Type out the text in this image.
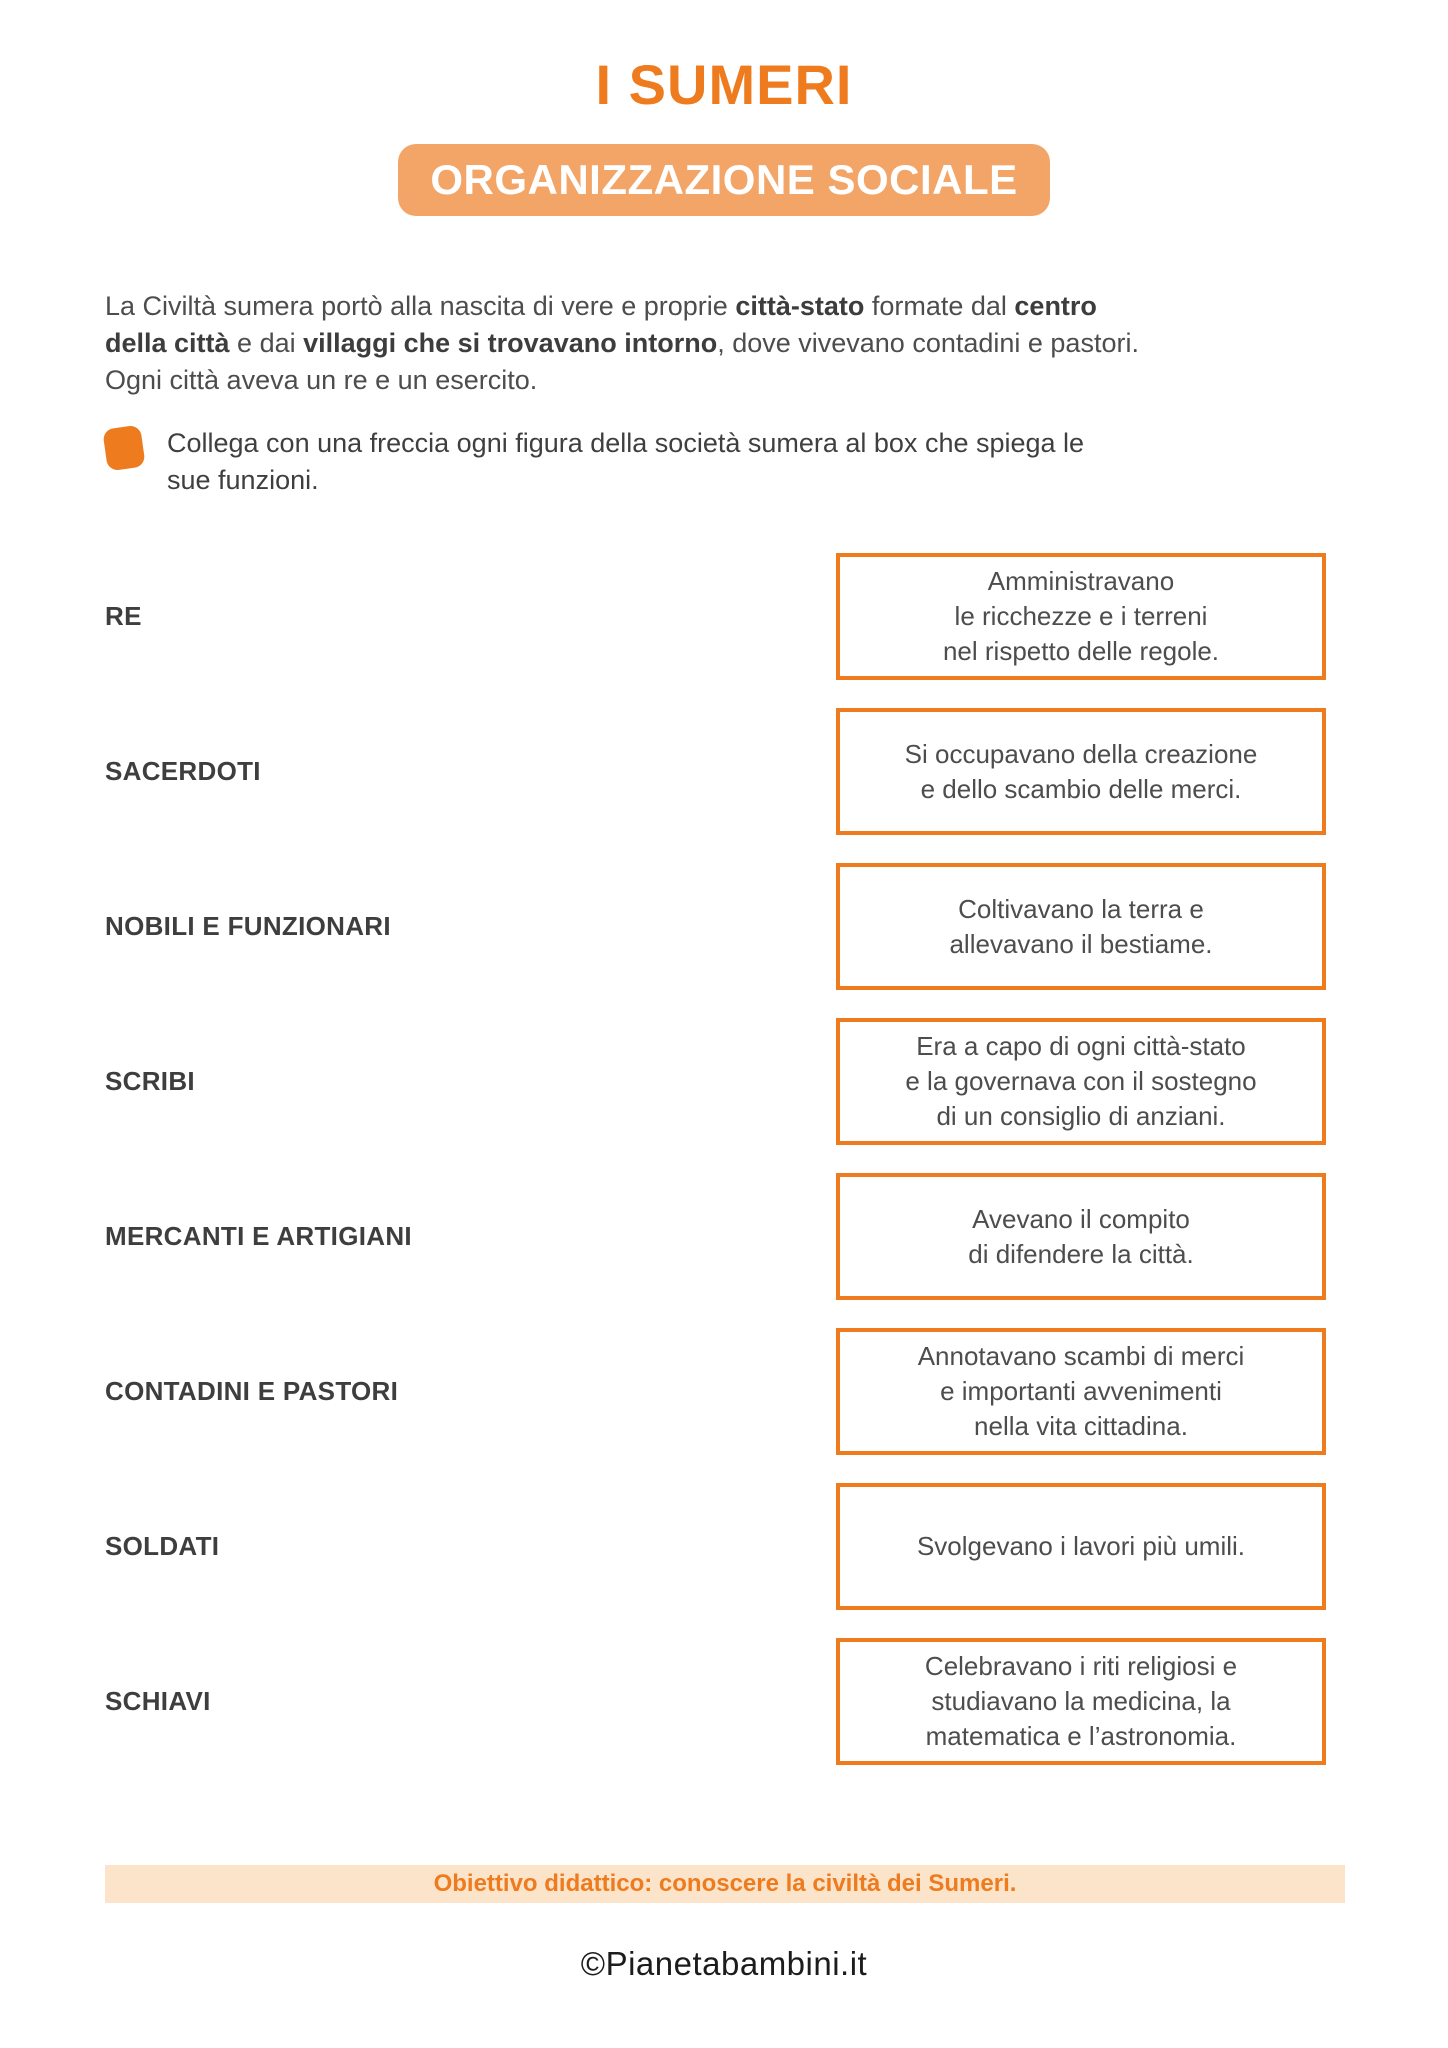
I SUMERI
ORGANIZZAZIONE SOCIALE
La Civiltà sumera portò alla nascita di vere e proprie città-stato formate dal centro
della città e dai villaggi che si trovavano intorno, dove vivevano contadini e pastori.
Ogni città aveva un re e un esercito.
Collega con una freccia ogni figura della società sumera al box che spiega le
sue funzioni.
RE
Amministravano
le ricchezze e i terreni
nel rispetto delle regole.
SACERDOTI
Si occupavano della creazione
e dello scambio delle merci.
NOBILI E FUNZIONARI
Coltivavano la terra e
allevavano il bestiame.
SCRIBI
Era a capo di ogni città-stato
e la governava con il sostegno
di un consiglio di anziani.
MERCANTI E ARTIGIANI
Avevano il compito
di difendere la città.
CONTADINI E PASTORI
Annotavano scambi di merci
e importanti avvenimenti
nella vita cittadina.
SOLDATI	Svolgevano i lavori più umili.
SCHIAVI
Celebravano i riti religiosi e
studiavano la medicina, la
matematica e l’astronomia.
Obiettivo didattico: conoscere la civiltà dei Sumeri.
©Pianetabambini.it
